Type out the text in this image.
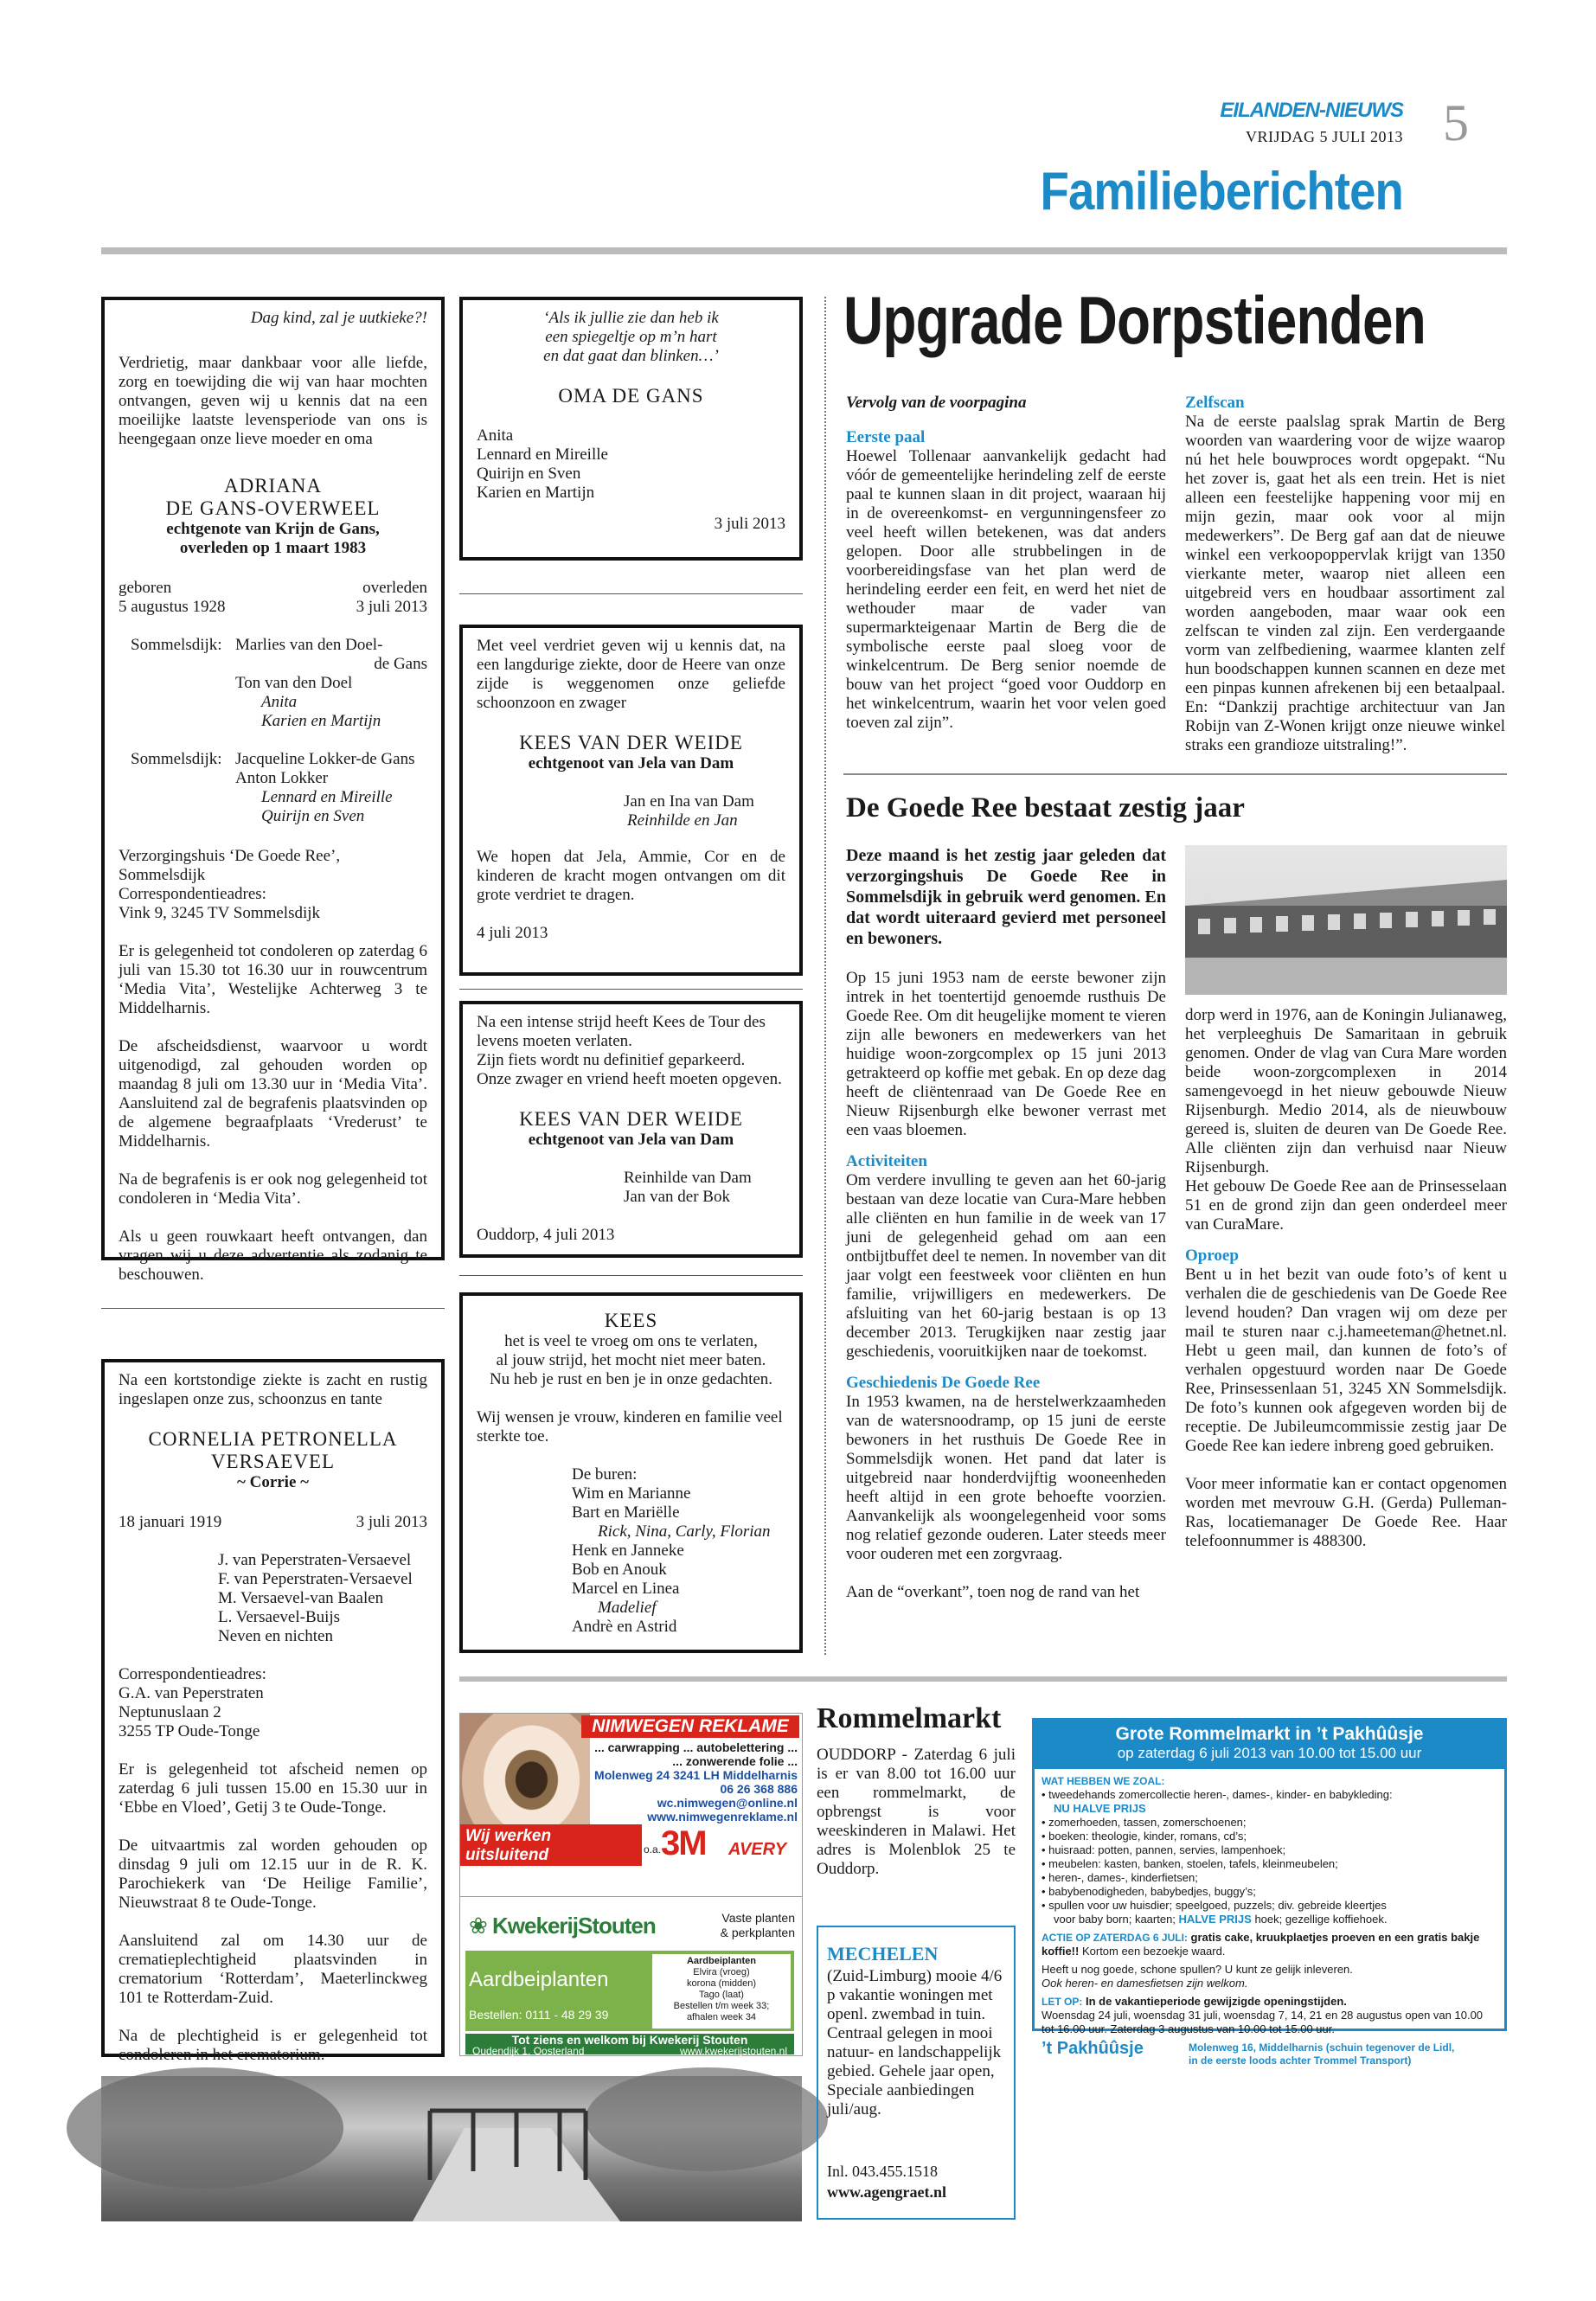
EILANDEN-NIEUWS
VRIJDAG 5 JULI 2013 5
Familieberichten
Dag kind, zal je uutkieke?!
Verdrietig, maar dankbaar voor alle liefde, zorg en toewijding die wij van haar mochten ontvangen, geven wij u kennis dat na een moeilijke laatste levensperiode van ons is heengegaan onze lieve moeder en oma
ADRIANA
DE GANS-OVERWEEL
echtgenote van Krijn de Gans,
overleden op 1 maart 1983
geboren	overleden
5 augustus 1928	3 juli 2013
Sommelsdijk: Marlies van den Doel-
de Gans
Ton van den Doel
Anita
Karien en Martijn
Sommelsdijk: Jacqueline Lokker-de Gans
Anton Lokker
Lennard en Mireille
Quirijn en Sven
Verzorgingshuis ‘De Goede Ree’, Sommelsdijk
Correspondentieadres:
Vink 9, 3245 TV Sommelsdijk
Er is gelegenheid tot condoleren op zaterdag 6 juli van 15.30 tot 16.30 uur in rouwcentrum ‘Media Vita’, Westelijke Achterweg 3 te Middelharnis.
De afscheidsdienst, waarvoor u wordt uitgenodigd, zal gehouden worden op maandag 8 juli om 13.30 uur in ‘Media Vita’. Aansluitend zal de begrafenis plaatsvinden op de algemene begraafplaats ‘Vrederust’ te Middelharnis.
Na de begrafenis is er ook nog gelegenheid tot condoleren in ‘Media Vita’.
Als u geen rouwkaart heeft ontvangen, dan vragen wij u deze advertentie als zodanig te beschouwen.
Na een kortstondige ziekte is zacht en rustig ingeslapen onze zus, schoonzus en tante
CORNELIA PETRONELLA
VERSAEVEL
~ Corrie ~
18 januari 1919	3 juli 2013
J. van Peperstraten-Versaevel
F. van Peperstraten-Versaevel
M. Versaevel-van Baalen
L. Versaevel-Buijs
Neven en nichten
Correspondentieadres:
G.A. van Peperstraten
Neptunuslaan 2
3255 TP Oude-Tonge
Er is gelegenheid tot afscheid nemen op zaterdag 6 juli tussen 15.00 en 15.30 uur in ‘Ebbe en Vloed’, Getij 3 te Oude-Tonge.
De uitvaartmis zal worden gehouden op dinsdag 9 juli om 12.15 uur in de R. K. Parochiekerk van ‘De Heilige Familie’, Nieuwstraat 8 te Oude-Tonge.
Aansluitend zal om 14.30 uur de crematieplechtigheid plaatsvinden in crematorium ‘Rotterdam’, Maeterlinckweg 101 te Rotterdam-Zuid.
Na de plechtigheid is er gelegenheid tot condoleren in het crematorium.
‘Als ik jullie zie dan heb ik
een spiegeltje op m’n hart
en dat gaat dan blinken…’
OMA DE GANS
Anita
Lennard en Mireille
Quirijn en Sven
Karien en Martijn
3 juli 2013
Met veel verdriet geven wij u kennis dat, na een langdurige ziekte, door de Heere van onze zijde is weggenomen onze geliefde schoonzoon en zwager
KEES VAN DER WEIDE
echtgenoot van Jela van Dam
Jan en Ina van Dam
Reinhilde en Jan
We hopen dat Jela, Ammie, Cor en de kinderen de kracht mogen ontvangen om dit grote verdriet te dragen.
4 juli 2013
Na een intense strijd heeft Kees de Tour des levens moeten verlaten.
Zijn fiets wordt nu definitief geparkeerd.
Onze zwager en vriend heeft moeten opgeven.
KEES VAN DER WEIDE
echtgenoot van Jela van Dam
Reinhilde van Dam
Jan van der Bok
Ouddorp, 4 juli 2013
KEES
het is veel te vroeg om ons te verlaten,
al jouw strijd, het mocht niet meer baten.
Nu heb je rust en ben je in onze gedachten.
Wij wensen je vrouw, kinderen en familie veel sterkte toe.
De buren:
Wim en Marianne
Bart en Mariëlle
Rick, Nina, Carly, Florian
Henk en Janneke
Bob en Anouk
Marcel en Linea
Madelief
Andrè en Astrid
Upgrade Dorpstienden
Vervolg van de voorpagina
Eerste paal
Hoewel Tollenaar aanvankelijk gedacht had vóór de gemeentelijke herindeling zelf de eerste paal te kunnen slaan in dit project, waaraan hij in de overeenkomst- en vergunningensfeer zo veel heeft willen betekenen, was dat anders gelopen. Door alle strubbelingen in de voorbereidingsfase van het plan werd de herindeling eerder een feit, en werd het niet de wethouder maar de vader van supermarkteigenaar Martin de Berg die de symbolische eerste paal sloeg voor de winkelcentrum. De Berg senior noemde de bouw van het project “goed voor Ouddorp en het winkelcentrum, waarin het voor velen goed toeven zal zijn”.
Zelfscan
Na de eerste paalslag sprak Martin de Berg woorden van waardering voor de wijze waarop nú het hele bouwproces wordt opgepakt. “Nu het zover is, gaat het als een trein. Het is niet alleen een feestelijke happening voor mij en mijn gezin, maar ook voor al mijn medewerkers”. De Berg gaf aan dat de nieuwe winkel een verkoopoppervlak krijgt van 1350 vierkante meter, waarop niet alleen een uitgebreid vers en houdbaar assortiment zal worden aangeboden, maar waar ook een zelfscan te vinden zal zijn. Een verdergaande vorm van zelfbediening, waarmee klanten zelf hun boodschappen kunnen scannen en deze met een pinpas kunnen afrekenen bij een betaalpaal. En: “Dankzij prachtige architectuur van Jan Robijn van Z-Wonen krijgt onze nieuwe winkel straks een grandioze uitstraling!”.
De Goede Ree bestaat zestig jaar
Deze maand is het zestig jaar geleden dat verzorgingshuis De Goede Ree in Sommelsdijk in gebruik werd genomen. En dat wordt uiteraard gevierd met personeel en bewoners.
Op 15 juni 1953 nam de eerste bewoner zijn intrek in het toentertijd genoemde rusthuis De Goede Ree. Om dit heugelijke moment te vieren zijn alle bewoners en medewerkers van het huidige woon-zorgcomplex op 15 juni 2013 getrakteerd op koffie met gebak. En op deze dag heeft de cliëntenraad van De Goede Ree en Nieuw Rijsenburgh elke bewoner verrast met een vaas bloemen.
Activiteiten
Om verdere invulling te geven aan het 60-jarig bestaan van deze locatie van Cura-Mare hebben alle cliënten en hun familie in de week van 17 juni de gelegenheid gehad om aan een ontbijtbuffet deel te nemen. In november van dit jaar volgt een feestweek voor cliënten en hun familie, vrijwilligers en medewerkers. De afsluiting van het 60-jarig bestaan is op 13 december 2013. Terugkijken naar zestig jaar geschiedenis, vooruitkijken naar de toekomst.
Geschiedenis De Goede Ree
In 1953 kwamen, na de herstelwerkzaamheden van de watersnoodramp, op 15 juni de eerste bewoners in het rusthuis De Goede Ree in Sommelsdijk wonen. Het pand dat later is uitgebreid naar honderdvijftig wooneenheden heeft altijd in een grote behoefte voorzien. Aanvankelijk als woongelegenheid voor soms nog relatief gezonde ouderen. Later steeds meer voor ouderen met een zorgvraag.
Aan de “overkant”, toen nog de rand van het
dorp werd in 1976, aan de Koningin Julianaweg, het verpleeghuis De Samaritaan in gebruik genomen. Onder de vlag van Cura Mare worden beide woon-zorgcomplexen in 2014 samengevoegd in het nieuw gebouwde Nieuw Rijsenburgh. Medio 2014, als de nieuwbouw gereed is, sluiten de deuren van De Goede Ree. Alle cliënten zijn dan verhuisd naar Nieuw Rijsenburgh.
Het gebouw De Goede Ree aan de Prinsesselaan 51 en de grond zijn dan geen onderdeel meer van CuraMare.
Oproep
Bent u in het bezit van oude foto’s of kent u verhalen die de geschiedenis van De Goede Ree levend houden? Dan vragen wij om deze per mail te sturen naar c.j.hameeteman@hetnet.nl. Hebt u geen mail, dan kunnen de foto’s of verhalen opgestuurd worden naar De Goede Ree, Prinsessenlaan 51, 3245 XN Sommelsdijk. De foto’s kunnen ook afgegeven worden bij de receptie. De Jubileumcommissie zestig jaar De Goede Ree kan iedere inbreng goed gebruiken.
Voor meer informatie kan er contact opgenomen worden met mevrouw G.H. (Gerda) Pulleman-Ras, locatiemanager De Goede Ree. Haar telefoonnummer is 488300.
NIMWEGEN REKLAME
... carwrapping ... autobelettering ...
... zonwerende folie ...
Molenweg 24 3241 LH Middelharnis
06 26 368 886
wc.nimwegen@online.nl
www.nimwegenreklame.nl
Wij werken uitsluitend
met topmerken !
o.a. 3M AVERY
❀ KwekerijStouten	Vaste planten
& perkplanten
Aardbeiplanten
Bestellen: 0111 - 48 29 39
Aardbeiplanten
Elvira (vroeg)
korona (midden)
Tago (laat)
Bestellen t/m week 33;
afhalen week 34
Tot ziens en welkom bij Kwekerij Stouten
Oudendijk 1, Oosterland	www.kwekerijstouten.nl
Rommelmarkt
OUDDORP - Zaterdag 6 juli is er van 8.00 tot 16.00 uur een rommelmarkt, de opbrengst is voor weeskinderen in Malawi. Het adres is Molenblok 25 te Ouddorp.
MECHELEN
(Zuid-Limburg) mooie 4/6 p vakantie woningen met openl. zwembad in tuin. Centraal gelegen in mooi natuur- en landschappelijk gebied. Gehele jaar open, Speciale aanbiedingen juli/aug.
Inl. 043.455.1518
www.agengraet.nl
Grote Rommelmarkt in ’t Pakhûûsje
op zaterdag 6 juli 2013 van 10.00 tot 15.00 uur
WAT HEBBEN WE ZOAL:
• tweedehands zomercollectie heren-, dames-, kinder- en babykleding:
NU HALVE PRIJS
• zomerhoeden, tassen, zomerschoenen;
• boeken: theologie, kinder, romans, cd’s;
• huisraad: potten, pannen, servies, lampenhoek;
• meubelen: kasten, banken, stoelen, tafels, kleinmeubelen;
• heren-, dames-, kinderfietsen;
• babybenodigheden, babybedjes, buggy’s;
• spullen voor uw huisdier; speelgoed, puzzels; div. gebreide kleertjes
voor baby born; kaarten; HALVE PRIJS hoek; gezellige koffiehoek.
ACTIE OP ZATERDAG 6 JULI: gratis cake, kruukplaetjes proeven en een gratis bakje koffie!! Kortom een bezoekje waard.
Heeft u nog goede, schone spullen? U kunt ze gelijk inleveren.
Ook heren- en damesfietsen zijn welkom.
LET OP: In de vakantieperiode gewijzigde openingstijden.
Woensdag 24 juli, woensdag 31 juli, woensdag 7, 14, 21 en 28 augustus open van 10.00 tot 16.00 uur. Zaterdag 3 augustus van 10.00 tot 15.00 uur.
’t Pakhûûsje	Molenweg 16, Middelharnis (schuin tegenover de Lidl,
in de eerste loods achter Trommel Transport)
